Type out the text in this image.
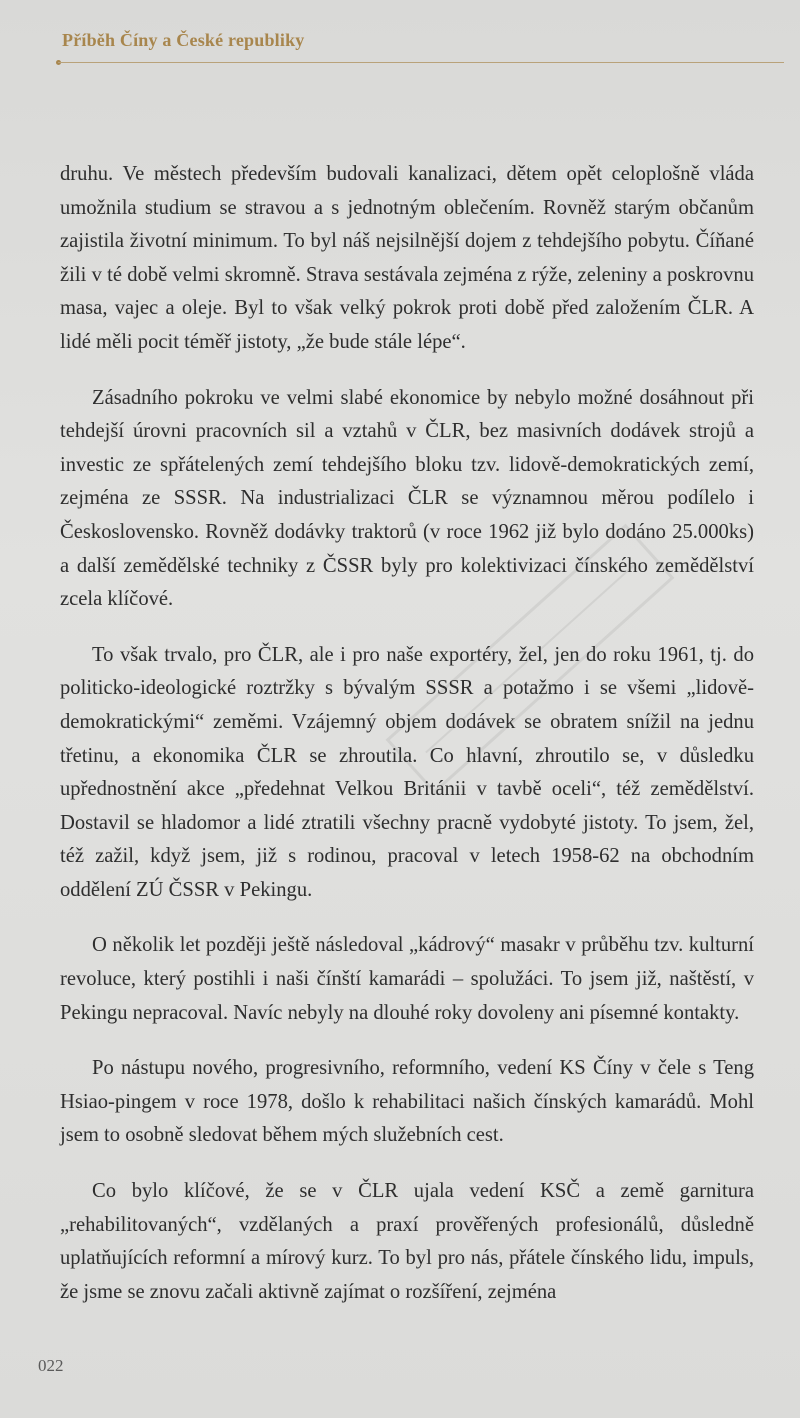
Příběh Číny a České republiky

druhu. Ve městech především budovali kanalizaci, dětem opět celoplošně vláda umožnila studium se stravou a s jednotným oblečením. Rovněž starým občanům zajistila životní minimum. To byl náš nejsilnější dojem z tehdejšího pobytu. Číňané žili v té době velmi skromně. Strava sestávala zejména z rýže, zeleniny a poskrovnu masa, vajec a oleje. Byl to však velký pokrok proti době před založením ČLR. A lidé měli pocit téměř jistoty, „že bude stále lépe“.

Zásadního pokroku ve velmi slabé ekonomice by nebylo možné dosáhnout při tehdejší úrovni pracovních sil a vztahů v ČLR, bez masivních dodávek strojů a investic ze spřátelených zemí tehdejšího bloku tzv. lidově-demokratických zemí, zejména ze SSSR. Na industrializaci ČLR se významnou měrou podílelo i Československo. Rovněž dodávky traktorů (v roce 1962 již bylo dodáno 25.000ks) a další zemědělské techniky z ČSSR byly pro kolektivizaci čínského zemědělství zcela klíčové.

To však trvalo, pro ČLR, ale i pro naše exportéry, žel, jen do roku 1961, tj. do politicko-ideologické roztržky s bývalým SSSR a potažmo i se všemi „lidově-demokratickými“ zeměmi. Vzájemný objem dodávek se obratem snížil na jednu třetinu, a ekonomika ČLR se zhroutila. Co hlavní, zhroutilo se, v důsledku upřednostnění akce „předehnat Velkou Británii v tavbě oceli“, též zemědělství. Dostavil se hladomor a lidé ztratili všechny pracně vydobyté jistoty. To jsem, žel, též zažil, když jsem, již s rodinou, pracoval v letech 1958-62 na obchodním oddělení ZÚ ČSSR v Pekingu.

O několik let později ještě následoval „kádrový“ masakr v průběhu tzv. kulturní revoluce, který postihli i naši čínští kamarádi – spolužáci. To jsem již, naštěstí, v Pekingu nepracoval. Navíc nebyly na dlouhé roky dovoleny ani písemné kontakty.

Po nástupu nového, progresivního, reformního, vedení KS Číny v čele s Teng Hsiao-pingem v roce 1978, došlo k rehabilitaci našich čínských kamarádů. Mohl jsem to osobně sledovat během mých služebních cest.

Co bylo klíčové, že se v ČLR ujala vedení KSČ a země garnitura „rehabilitovaných“, vzdělaných a praxí prověřených profesionálů, důsledně uplatňujících reformní a mírový kurz. To byl pro nás, přátele čínského lidu, impuls, že jsme se znovu začali aktivně zajímat o rozšíření, zejména

022
